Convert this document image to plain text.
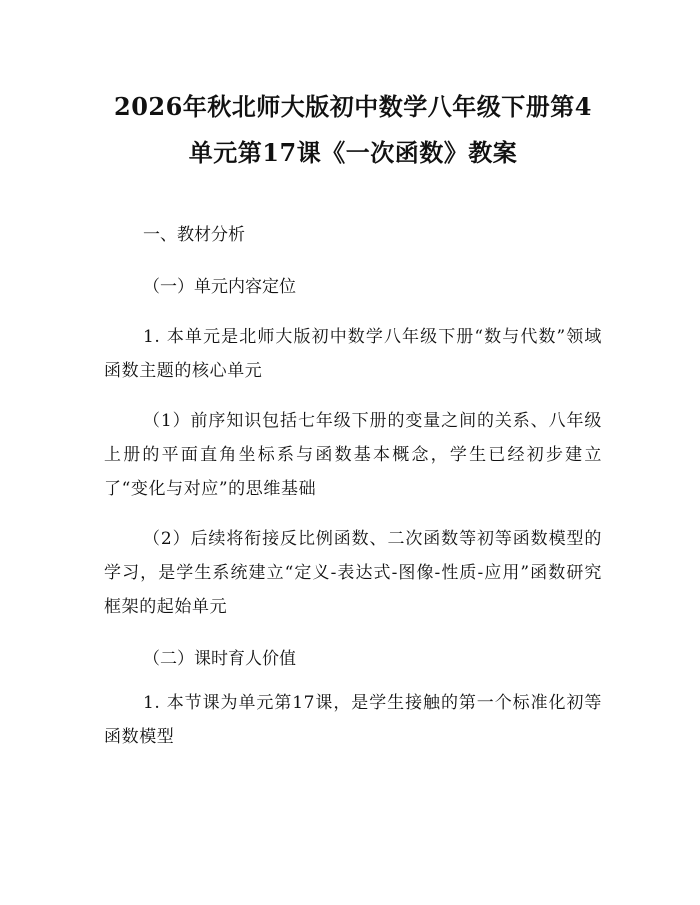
2026年秋北师大版初中数学八年级下册第4
单元第17课《一次函数》教案
一、教材分析
（一）单元内容定位
1. 本单元是北师大版初中数学八年级下册“数与代数”领域函数主题的核心单元
（1）前序知识包括七年级下册的变量之间的关系、八年级上册的平面直角坐标系与函数基本概念，学生已经初步建立了“变化与对应”的思维基础
（2）后续将衔接反比例函数、二次函数等初等函数模型的学习，是学生系统建立“定义-表达式-图像-性质-应用”函数研究框架的起始单元
（二）课时育人价值
1. 本节课为单元第17课，是学生接触的第一个标准化初等函数模型
